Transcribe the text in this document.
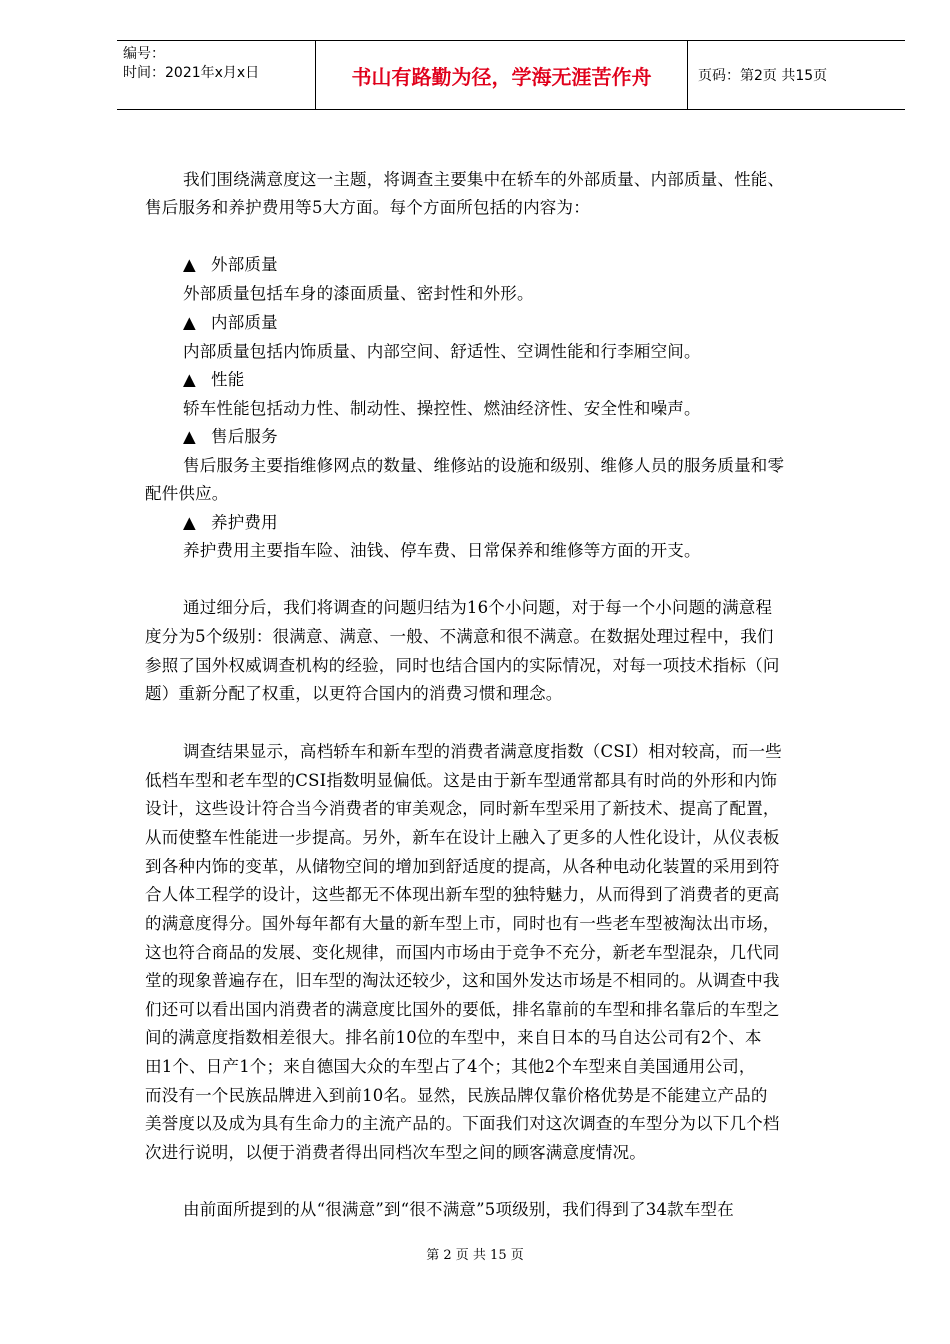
编号：
时间：2021年x月x日	书山有路勤为径，学海无涯苦作舟	页码：第2页 共15页
我们围绕满意度这一主题，将调查主要集中在轿车的外部质量、内部质量、性能、
售后服务和养护费用等5大方面。每个方面所包括的内容为：
▲ 外部质量
外部质量包括车身的漆面质量、密封性和外形。
▲ 内部质量
内部质量包括内饰质量、内部空间、舒适性、空调性能和行李厢空间。
▲ 性能
轿车性能包括动力性、制动性、操控性、燃油经济性、安全性和噪声。
▲ 售后服务
售后服务主要指维修网点的数量、维修站的设施和级别、维修人员的服务质量和零
配件供应。
▲ 养护费用
养护费用主要指车险、油钱、停车费、日常保养和维修等方面的开支。
通过细分后，我们将调查的问题归结为16个小问题，对于每一个小问题的满意程
度分为5个级别：很满意、满意、一般、不满意和很不满意。在数据处理过程中，我们
参照了国外权威调查机构的经验，同时也结合国内的实际情况，对每一项技术指标（问
题）重新分配了权重，以更符合国内的消费习惯和理念。
调查结果显示，高档轿车和新车型的消费者满意度指数（CSI）相对较高，而一些
低档车型和老车型的CSI指数明显偏低。这是由于新车型通常都具有时尚的外形和内饰
设计，这些设计符合当今消费者的审美观念，同时新车型采用了新技术、提高了配置，
从而使整车性能进一步提高。另外，新车在设计上融入了更多的人性化设计，从仪表板
到各种内饰的变革，从储物空间的增加到舒适度的提高，从各种电动化装置的采用到符
合人体工程学的设计，这些都无不体现出新车型的独特魅力，从而得到了消费者的更高
的满意度得分。国外每年都有大量的新车型上市，同时也有一些老车型被淘汰出市场，
这也符合商品的发展、变化规律，而国内市场由于竞争不充分，新老车型混杂，几代同
堂的现象普遍存在，旧车型的淘汰还较少，这和国外发达市场是不相同的。从调查中我
们还可以看出国内消费者的满意度比国外的要低，排名靠前的车型和排名靠后的车型之
间的满意度指数相差很大。排名前10位的车型中，来自日本的马自达公司有2个、本
田1个、日产1个；来自德国大众的车型占了4个；其他2个车型来自美国通用公司，
而没有一个民族品牌进入到前10名。显然，民族品牌仅靠价格优势是不能建立产品的
美誉度以及成为具有生命力的主流产品的。下面我们对这次调查的车型分为以下几个档
次进行说明，以便于消费者得出同档次车型之间的顾客满意度情况。
由前面所提到的从“很满意”到“很不满意”5项级别，我们得到了34款车型在
第 2 页 共 15 页
